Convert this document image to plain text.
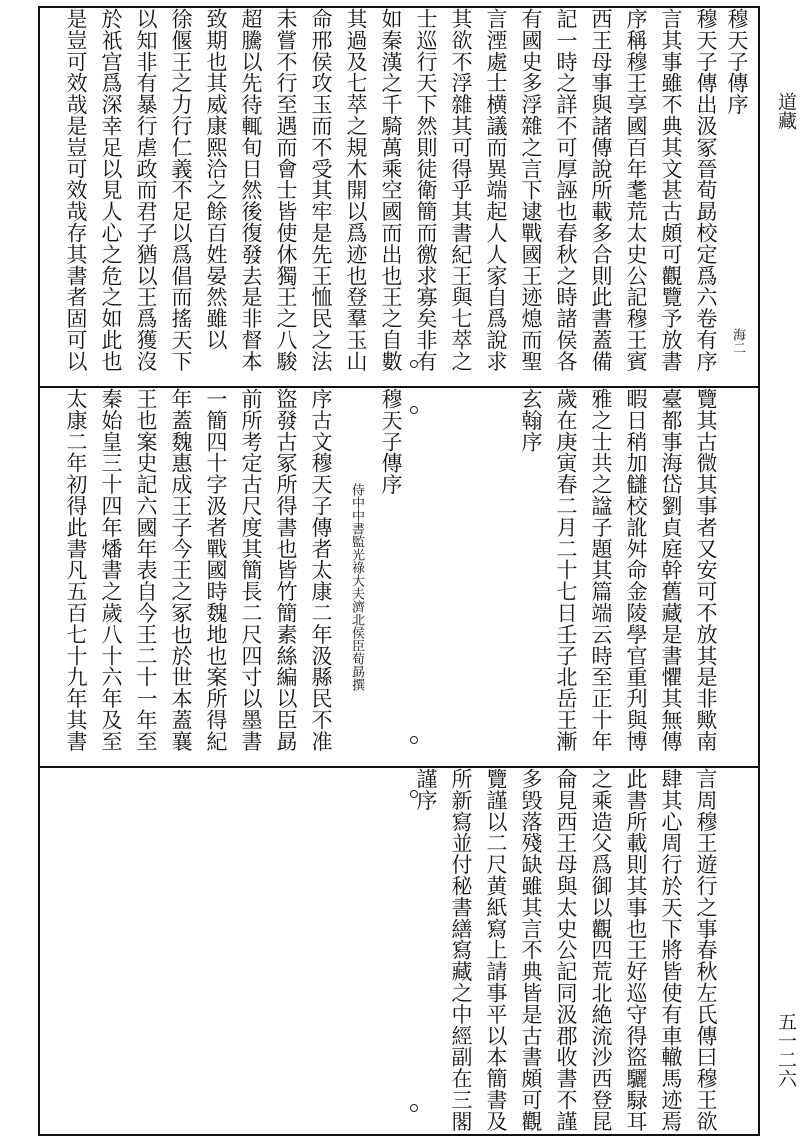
穆天子傳序
海二
穆天子傳出汲冢晉荀勗校定爲六卷有序
言其事雖不典其文甚古頗可觀覽予放書
序稱穆王享國百年耄荒太史公記穆王賓
西王母事與諸傳說所載多合則此書蓋備
記一時之詳不可厚誣也春秋之時諸侯各
有國史多浮雜之言下逮戰國王迹熄而聖
言湮處士横議而異端起人人家自爲說求
其欲不浮雜其可得乎其書紀王與七萃之
士巡行天下然則徒衛簡而徼求寡矣非有
如秦漢之千騎萬乘空國而出也王之自數
其過及七萃之規木開以爲迹也登羣玉山
命邢侯攻玉而不受其牢是先王恤民之法
未嘗不行至遇而會士皆使休獨王之八駿
超騰以先待輒旬日然後復發去是非督本
致期也其威康熙洽之餘百姓晏然雖以
徐偃王之力行仁義不足以爲倡而搖天下
以知非有暴行虐政而君子猶以王爲獲沒
於祇宫爲深幸足以見人心之危之如此也
是豈可效哉是豈可效哉存其書者固可以
覽其古微其事者又安可不放其是非歟南
臺都事海岱劉貞庭幹舊藏是書懼其無傳
暇日稍加讎校訛舛命金陵學官重刋與博
雅之士共之諡子題其篇端云時至正十年
歲在庚寅春二月二十七日壬子北岳王漸
玄翰序
穆天子傳序
侍中中書監光祿大夫濟北侯臣荀勗撰
序古文穆天子傳者太康二年汲縣民不准
盜發古冢所得書也皆竹簡素絲編以臣勗
前所考定古尺度其簡長二尺四寸以墨書
一簡四十字汲者戰國時魏地也案所得紀
年蓋魏惠成王子今王之冢也於世本蓋襄
王也案史記六國年表自今王二十一年至
秦始皇三十四年燔書之歲八十六年及至
太康二年初得此書凡五百七十九年其書
言周穆王遊行之事春秋左氏傳曰穆王欲
肆其心周行於天下將皆使有車轍馬迹焉
此書所載則其事也王好巡守得盜驪騄耳
之乘造父爲御以觀四荒北絶流沙西登昆
侖見西王母與太史公記同汲郡收書不謹
多毁落殘缺雖其言不典皆是古書頗可觀
覽謹以二尺黄紙寫上請事平以本簡書及
所新寫並付秘書繕寫藏之中經副在三閣
謹序
道藏
五一二六
